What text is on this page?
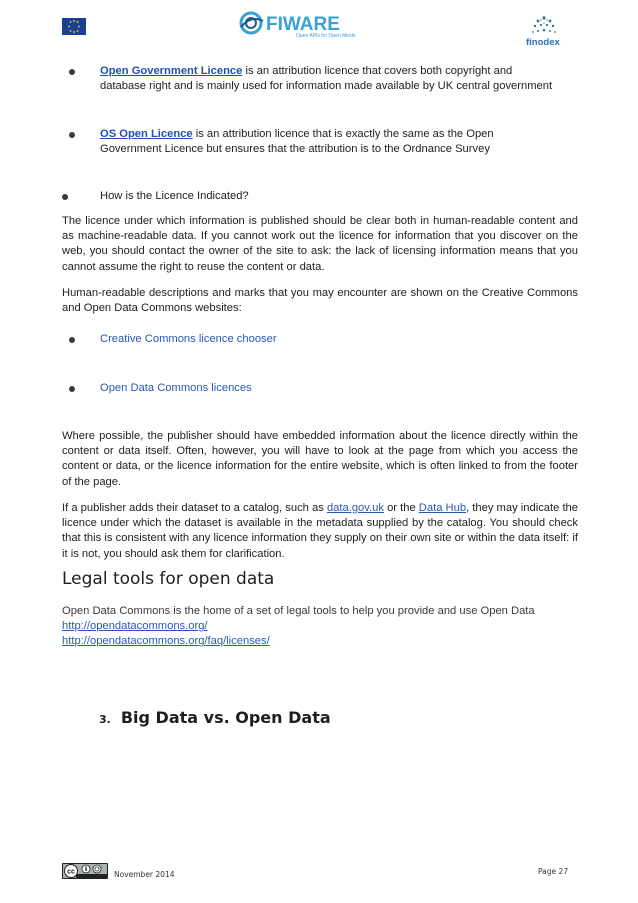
FIWARE
Open APIs for Open Minds
finodex
Open Government Licence is an attribution licence that covers both copyright and
database right and is mainly used for information made available by UK central government
OS Open Licence is an attribution licence that is exactly the same as the Open
Government Licence but ensures that the attribution is to the Ordnance Survey
How is the Licence Indicated?

The licence under which information is published should be clear both in human-readable content and as machine-readable data. If you cannot work out the licence for information that you discover on the web, you should contact the owner of the site to ask: the lack of licensing information means that you cannot assume the right to reuse the content or data.

Human-readable descriptions and marks that you may encounter are shown on the Creative Commons and Open Data Commons websites:

Creative Commons licence chooser
Open Data Commons licences

Where possible, the publisher should have embedded information about the licence directly within the content or data itself. Often, however, you will have to look at the page from which you access the content or data, or the licence information for the entire website, which is often linked to from the footer of the page.

If a publisher adds their dataset to a catalog, such as data.gov.uk or the Data Hub, they may indicate the licence under which the dataset is available in the metadata supplied by the catalog. You should check that this is consistent with any licence information they supply on their own site or within the data itself: if it is not, you should ask them for clarification.

Legal tools for open data
Open Data Commons is the home of a set of legal tools to help you provide and use Open Data
http://opendatacommons.org/
http://opendatacommons.org/faq/licenses/
3. Big Data vs. Open Data
cc	November 2014	Page 27
